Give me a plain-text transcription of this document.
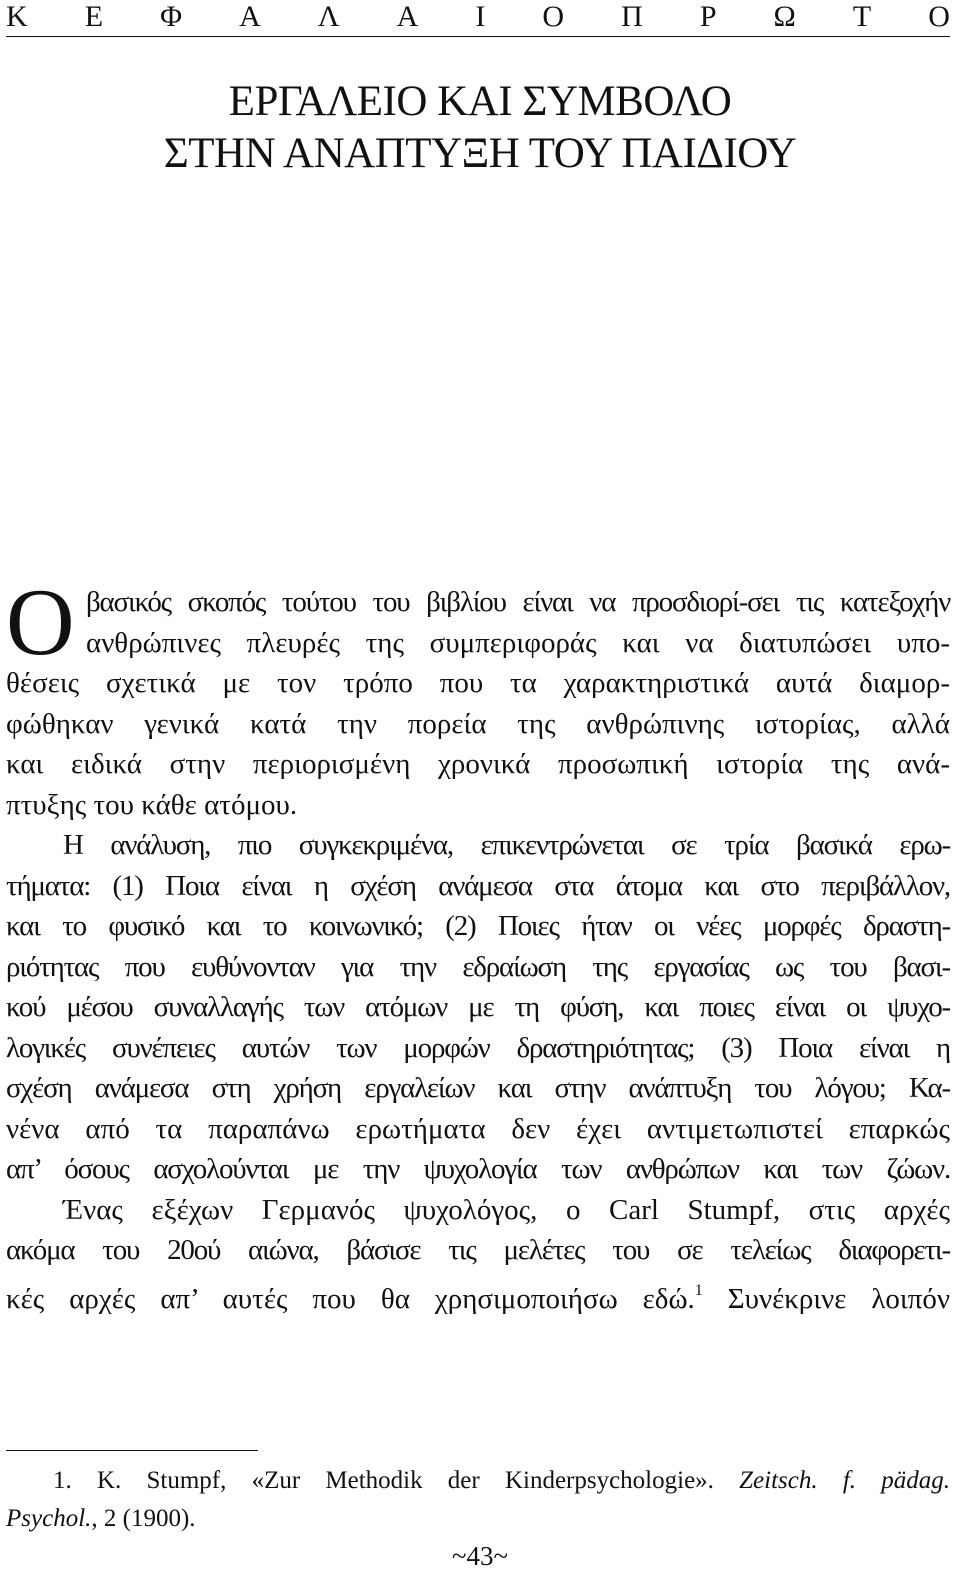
Κ Ε Φ Α Λ Α Ι Ο Π Ρ Ω Τ Ο
ΕΡΓΑΛΕΙΟ ΚΑΙ ΣΥΜΒΟΛΟ
ΣΤΗΝ ΑΝΑΠΤΥΞΗ ΤΟΥ ΠΑΙΔΙΟΥ
Ο βασικός σκοπός τούτου του βιβλίου είναι να προσδιορί-σει τις κατεξοχήν
ανθρώπινες πλευρές της συμπεριφοράς και να διατυπώσει υπο-
θέσεις σχετικά με τον τρόπο που τα χαρακτηριστικά αυτά διαμορ-
φώθηκαν γενικά κατά την πορεία της ανθρώπινης ιστορίας, αλλά
και ειδικά στην περιορισμένη χρονικά προσωπική ιστορία της ανά-
πτυξης του κάθε ατόμου.
Η ανάλυση, πιο συγκεκριμένα, επικεντρώνεται σε τρία βασικά ερω-
τήματα: (1) Ποια είναι η σχέση ανάμεσα στα άτομα και στο περιβάλλον,
και το φυσικό και το κοινωνικό; (2) Ποιες ήταν οι νέες μορφές δραστη-
ριότητας που ευθύνονταν για την εδραίωση της εργασίας ως του βασι-
κού μέσου συναλλαγής των ατόμων με τη φύση, και ποιες είναι οι ψυχο-
λογικές συνέπειες αυτών των μορφών δραστηριότητας; (3) Ποια είναι η
σχέση ανάμεσα στη χρήση εργαλείων και στην ανάπτυξη του λόγου; Κα-
νένα από τα παραπάνω ερωτήματα δεν έχει αντιμετωπιστεί επαρκώς
απ’ όσους ασχολούνται με την ψυχολογία των ανθρώπων και των ζώων.
Ένας εξέχων Γερμανός ψυχολόγος, ο Carl Stumpf, στις αρχές
ακόμα του 20ού αιώνα, βάσισε τις μελέτες του σε τελείως διαφορετι-
κές αρχές απ’ αυτές που θα χρησιμοποιήσω εδώ.$^1$ Συνέκρινε λοιπόν
1. K. Stumpf, «Zur Methodik der Kinderpsychologie». Zeitsch. f. pädag.
Psychol., 2 (1900).
~43~
